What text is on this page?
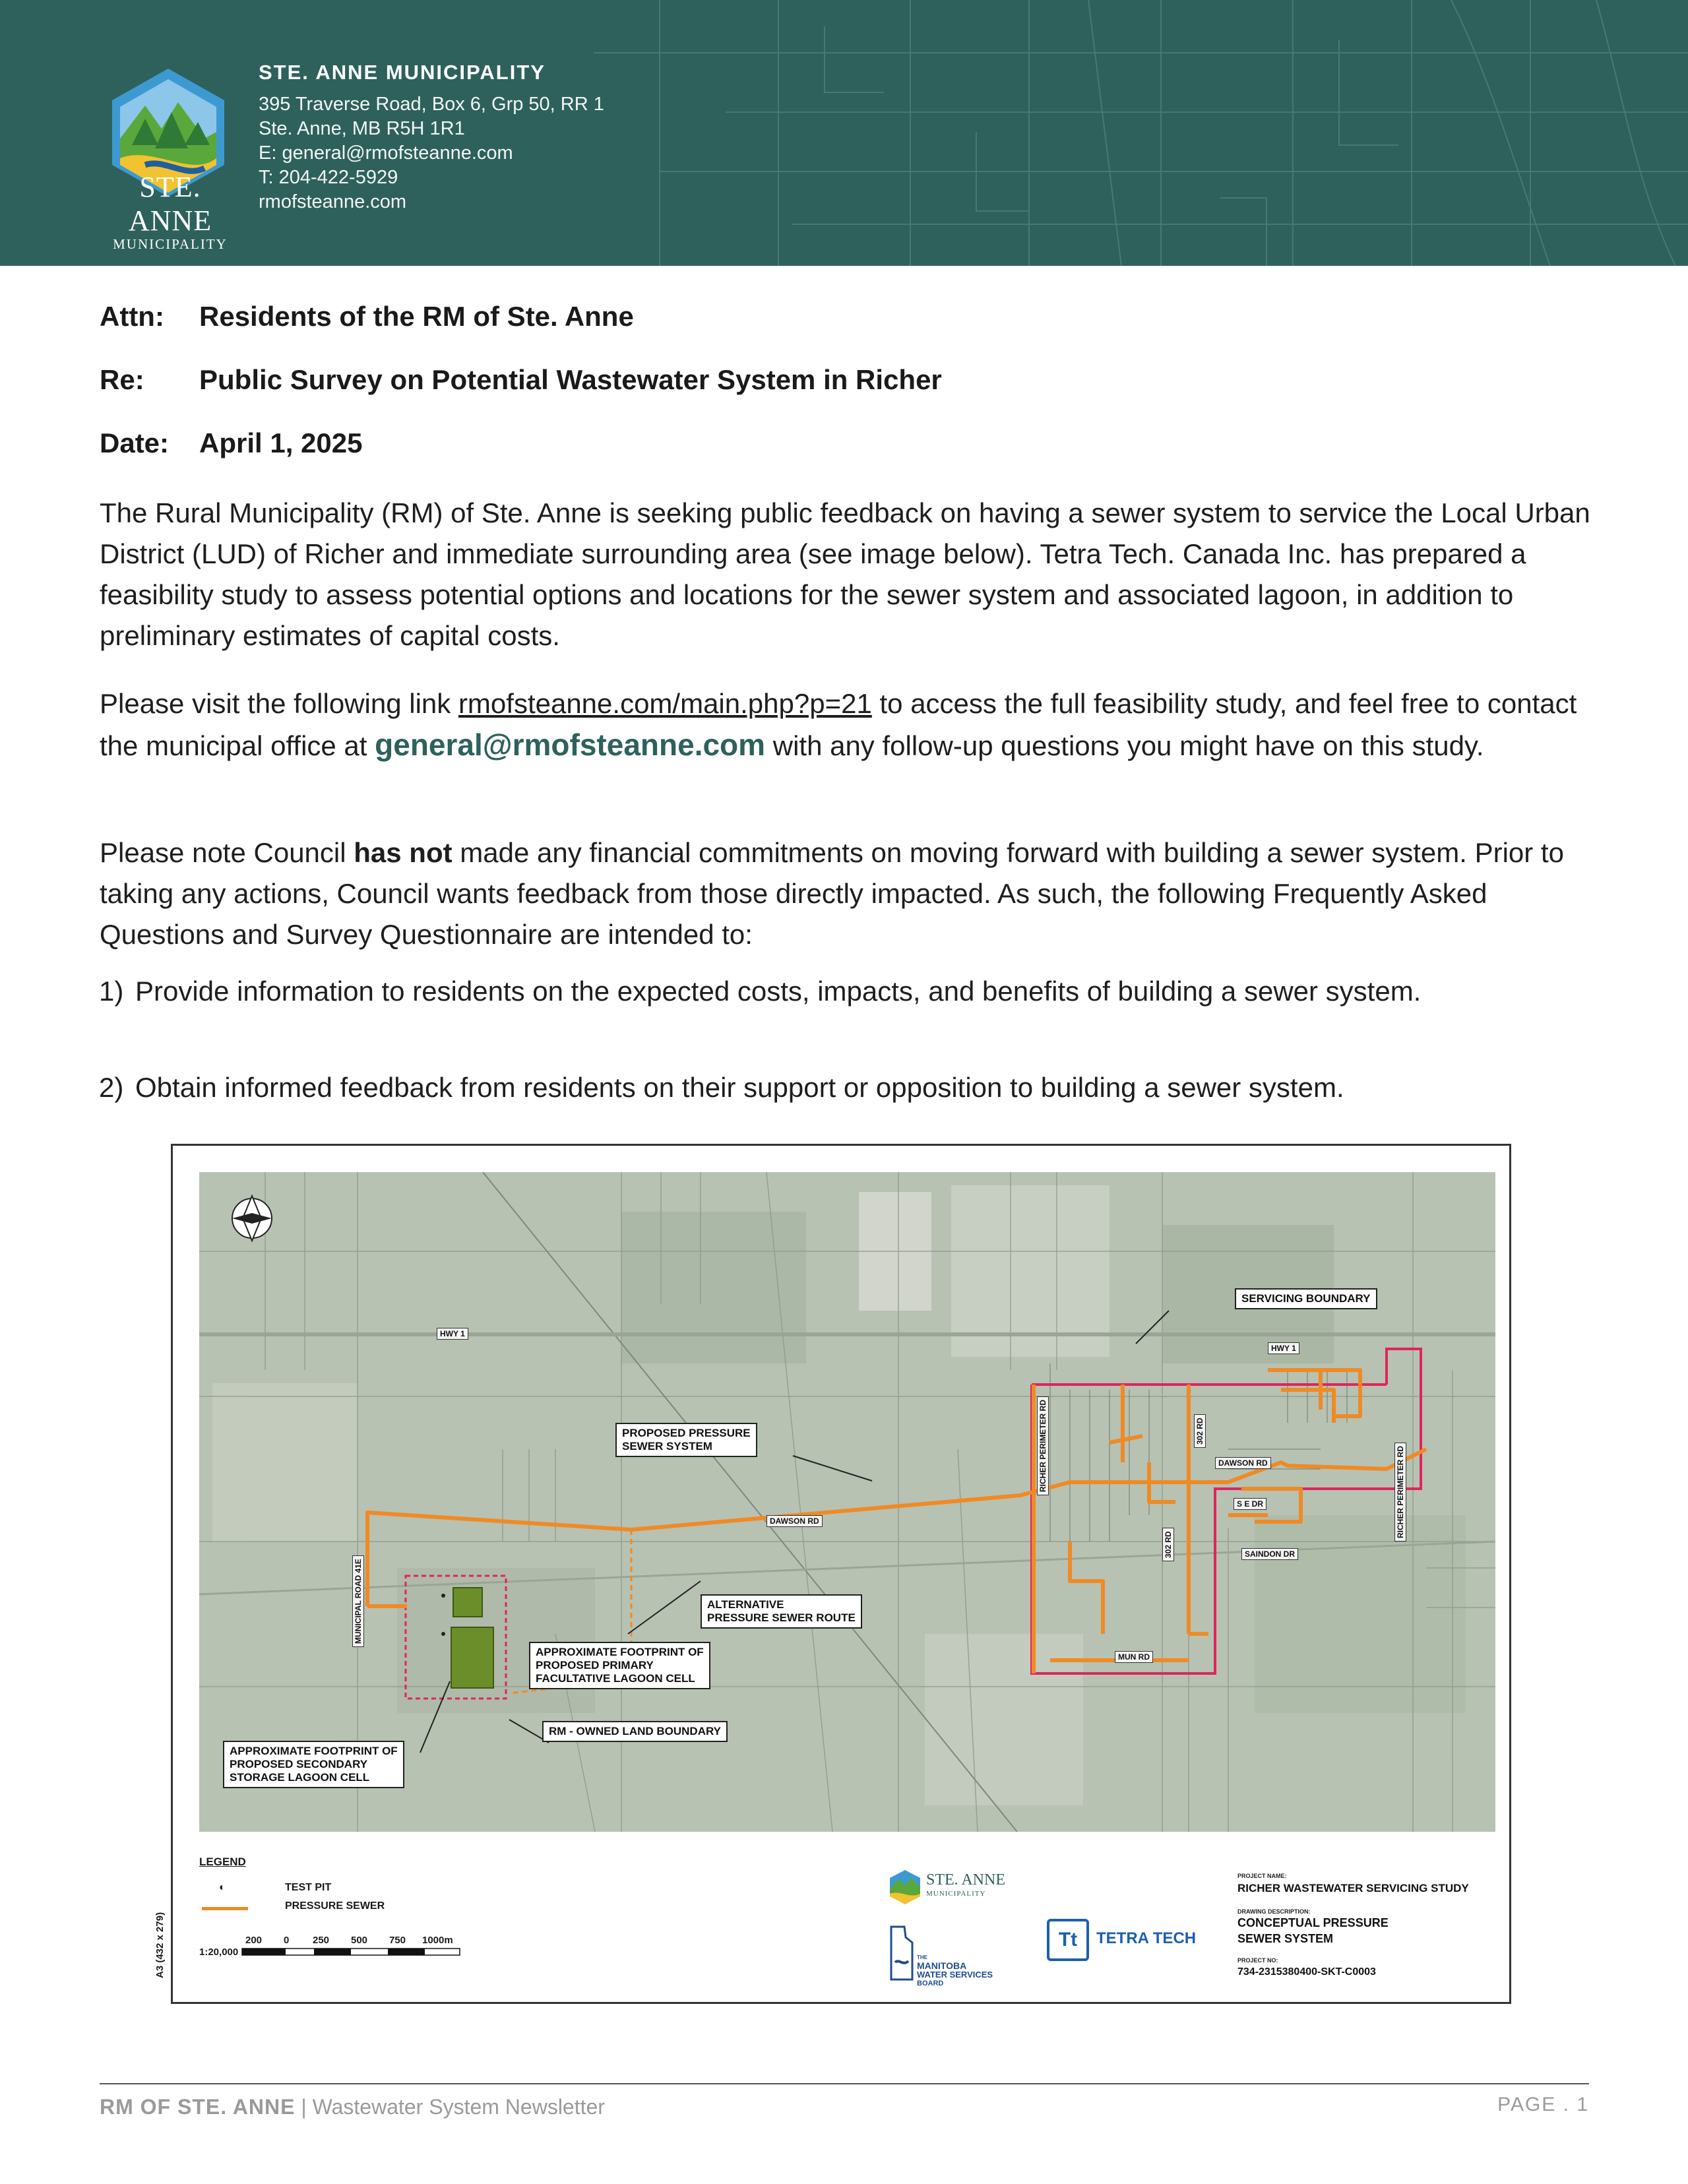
STE. ANNE
MUNICIPALITY
STE. ANNE MUNICIPALITY
395 Traverse Road, Box 6, Grp 50, RR 1
Ste. Anne, MB R5H 1R1
E: general@rmofsteanne.com
T: 204-422-5929
rmofsteanne.com
Attn: Residents of the RM of Ste. Anne
Re: Public Survey on Potential Wastewater System in Richer
Date: April 1, 2025

The Rural Municipality (RM) of Ste. Anne is seeking public feedback on having a sewer system to service the Local Urban District (LUD) of Richer and immediate surrounding area (see image below). Tetra Tech. Canada Inc. has prepared a feasibility study to assess potential options and locations for the sewer system and associated lagoon, in addition to preliminary estimates of capital costs.

Please visit the following link rmofsteanne.com/main.php?p=21 to access the full feasibility study, and feel free to contact the municipal office at general@rmofsteanne.com with any follow-up questions you might have on this study.

Please note Council has not made any financial commitments on moving forward with building a sewer system. Prior to taking any actions, Council wants feedback from those directly impacted. As such, the following Frequently Asked Questions and Survey Questionnaire are intended to:

1) Provide information to residents on the expected costs, impacts, and benefits of building a sewer system.
2) Obtain informed feedback from residents on their support or opposition to building a sewer system.
SERVICING BOUNDARY
PROPOSED PRESSURE
SEWER SYSTEM
ALTERNATIVE
PRESSURE SEWER ROUTE
APPROXIMATE FOOTPRINT OF
PROPOSED PRIMARY
FACULTATIVE LAGOON CELL
RM - OWNED LAND BOUNDARY
APPROXIMATE FOOTPRINT OF
PROPOSED SECONDARY
STORAGE LAGOON CELL
HWY 1
HWY 1
DAWSON RD
DAWSON RD
MUNICIPAL ROAD 41E
RICHER PERIMETER RD	RICHER PERIMETER RD
302 RD
302 RD
S E DR
SAINDON DR
MUN RD
LEGEND
◐	TEST PIT
PRESSURE SEWER
200 0 250 500 750 1000m
1:20,000
A3 (432 x 279)
STE. ANNE
MUNICIPALITY
THE
MANITOBA
WATER SERVICES
BOARD
Tt	TETRA TECH
PROJECT NAME:
RICHER WASTEWATER SERVICING STUDY
DRAWING DESCRIPTION:
CONCEPTUAL PRESSURE
SEWER SYSTEM
PROJECT NO:
734-2315380400-SKT-C0003
RM OF STE. ANNE | Wastewater System Newsletter	PAGE . 1
